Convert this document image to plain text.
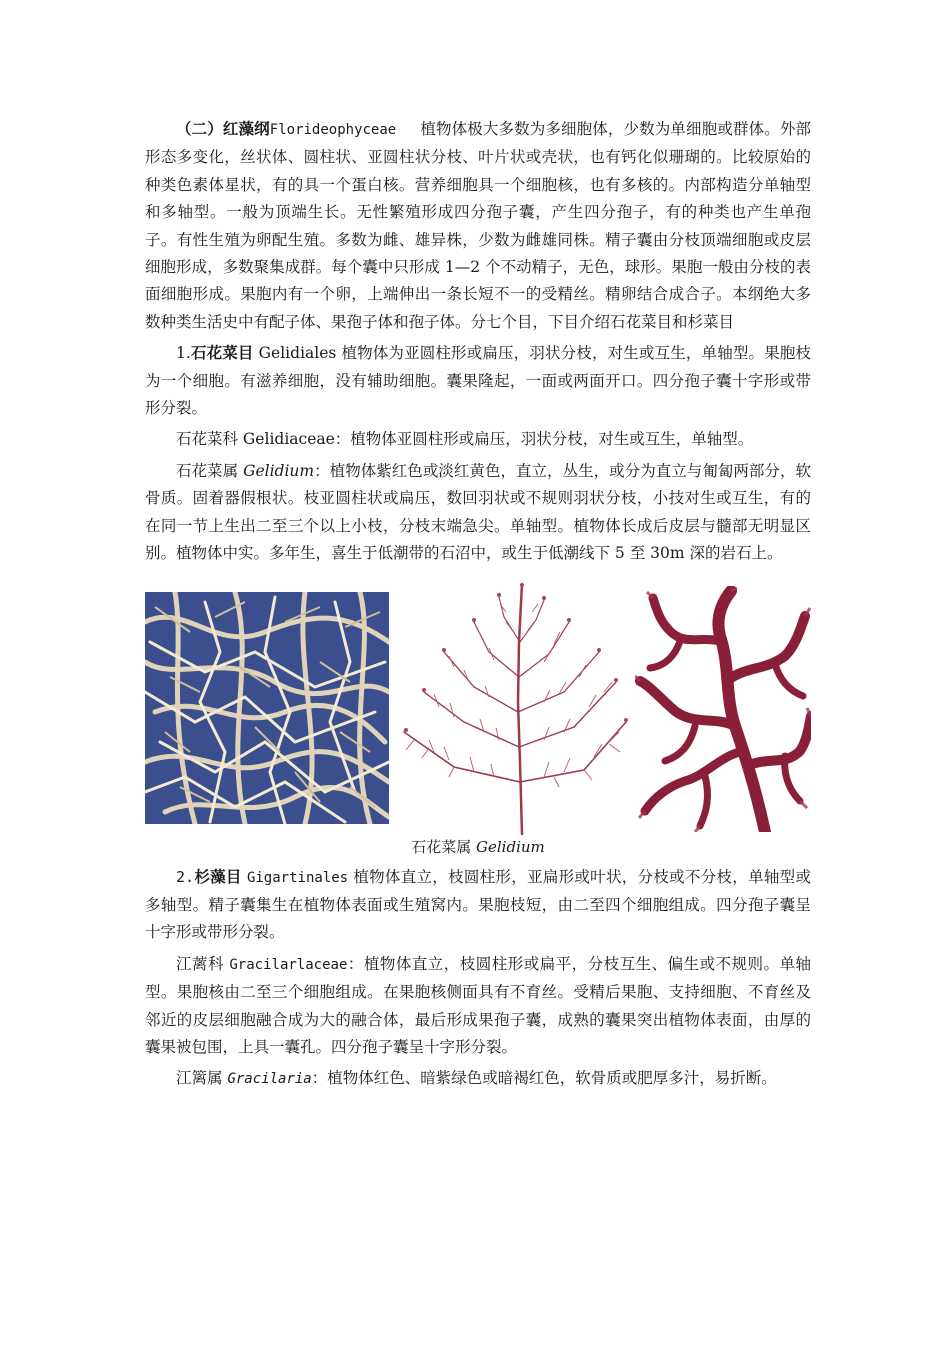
（二）红藻纲Florideophyceae 植物体极大多数为多细胞体，少数为单细胞或群体。外部形态多变化，丝状体、圆柱状、亚圆柱状分枝、叶片状或壳状，也有钙化似珊瑚的。比较原始的种类色素体星状，有的具一个蛋白核。营养细胞具一个细胞核，也有多核的。内部构造分单轴型和多轴型。一般为顶端生长。无性繁殖形成四分孢子囊，产生四分孢子，有的种类也产生单孢子。有性生殖为卵配生殖。多数为雌、雄异株，少数为雌雄同株。精子囊由分枝顶端细胞或皮层细胞形成，多数聚集成群。每个囊中只形成 1—2 个不动精子，无色，球形。果胞一般由分枝的表面细胞形成。果胞内有一个卵，上端伸出一条长短不一的受精丝。精卵结合成合子。本纲绝大多数种类生活史中有配子体、果孢子体和孢子体。分七个目，下目介绍石花菜目和杉菜目

1.石花菜目 Gelidiales 植物体为亚圆柱形或扁压，羽状分枝，对生或互生，单轴型。果胞枝为一个细胞。有滋养细胞，没有辅助细胞。囊果隆起，一面或两面开口。四分孢子囊十字形或带形分裂。

石花菜科 Gelidiaceae：植物体亚圆柱形或扁压，羽状分枝，对生或互生，单轴型。

石花菜属 Gelidium：植物体紫红色或淡红黄色，直立，丛生，或分为直立与匍匐两部分，软骨质。固着器假根状。枝亚圆柱状或扁压，数回羽状或不规则羽状分枝，小技对生或互生，有的在同一节上生出二至三个以上小枝，分枝末端急尖。单轴型。植物体长成后皮层与髓部无明显区别。植物体中实。多年生，喜生于低潮带的石沼中，或生于低潮线下 5 至 30m 深的岩石上。

石花菜属 Gelidium

2.杉藻目 Gigartinales 植物体直立，枝圆柱形，亚扁形或叶状，分枝或不分枝，单轴型或多轴型。精子囊集生在植物体表面或生殖窝内。果胞枝短，由二至四个细胞组成。四分孢子囊呈十字形或带形分裂。

江蓠科 Gracilarlaceae：植物体直立，枝圆柱形或扁平，分枝互生、偏生或不规则。单轴型。果胞核由二至三个细胞组成。在果胞核侧面具有不育丝。受精后果胞、支持细胞、不育丝及邻近的皮层细胞融合成为大的融合体，最后形成果孢子囊，成熟的囊果突出植物体表面，由厚的囊果被包围，上具一囊孔。四分孢子囊呈十字形分裂。

江篱属 Gracilaria：植物体红色、暗紫绿色或暗褐红色，软骨质或肥厚多汁，易折断。
